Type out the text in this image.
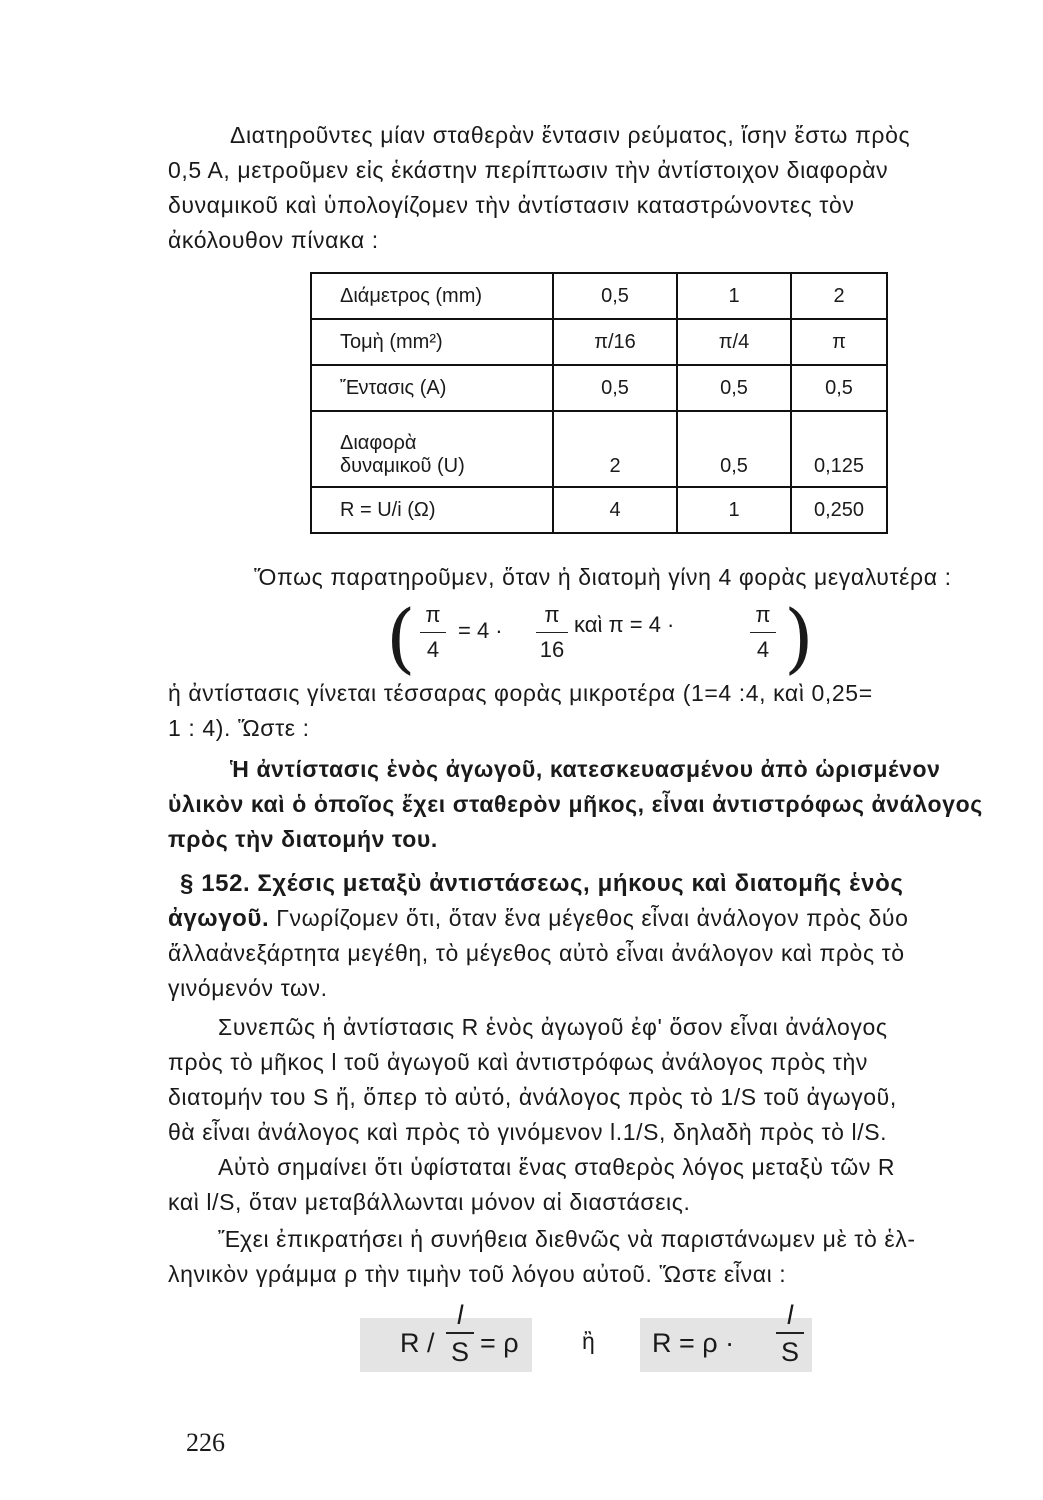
Διατηροῦντες μίαν σταθερὰν ἔντασιν ρεύματος, ἴσην ἔστω πρὸς
0,5 A, μετροῦμεν εἰς ἑκάστην περίπτωσιν τὴν ἀντίστοιχον διαφορὰν
δυναμικοῦ καὶ ὑπολογίζομεν τὴν ἀντίστασιν καταστρώνοντες τὸν
ἀκόλουθον πίνακα :

Διάμετρος (mm)	0,5	1	2
Τομὴ (mm²)	π/16	π/4	π
Ἔντασις (A)	0,5	0,5	0,5

Διαφορὰ
δυναμικοῦ (U)	2	0,5	0,125
R = U/i (Ω)	4	1	0,250

Ὅπως παρατηροῦμεν, ὅταν ἡ διατομὴ γίνη 4 φορὰς μεγαλυτέρα :

( π
4
= 4 ·
π
16
καὶ π = 4 ·	π
4 )

ἡ ἀντίστασις γίνεται τέσσαρας φορὰς μικροτέρα (1=4 :4, καὶ 0,25=
1 : 4). Ὥστε :

Ἡ ἀντίστασις ἑνὸς ἀγωγοῦ, κατεσκευασμένου ἀπὸ ὡρισμένον
ὑλικὸν καὶ ὁ ὁποῖος ἔχει σταθερὸν μῆκος, εἶναι ἀντιστρόφως ἀνάλογος
πρὸς τὴν διατομήν του.

§ 152. Σχέσις μεταξὺ ἀντιστάσεως, μήκους καὶ διατομῆς ἑνὸς
ἀγωγοῦ. Γνωρίζομεν ὅτι, ὅταν ἕνα μέγεθος εἶναι ἀνάλογον πρὸς δύο
ἄλλαἀνεξάρτητα μεγέθη, τὸ μέγεθος αὐτὸ εἶναι ἀνάλογον καὶ πρὸς τὸ
γινόμενόν των.

Συνεπῶς ἡ ἀντίστασις R ἑνὸς ἀγωγοῦ ἐφ' ὅσον εἶναι ἀνάλογος
πρὸς τὸ μῆκος l τοῦ ἀγωγοῦ καὶ ἀντιστρόφως ἀνάλογος πρὸς τὴν
διατομήν του S ἤ, ὅπερ τὸ αὐτό, ἀνάλογος πρὸς τὸ 1/S τοῦ ἀγωγοῦ,
θὰ εἶναι ἀνάλογος καὶ πρὸς τὸ γινόμενον l.1/S, δηλαδὴ πρὸς τὸ l/S.
Αὐτὸ σημαίνει ὅτι ὑφίσταται ἕνας σταθερὸς λόγος μεταξὺ τῶν R
καὶ l/S, ὅταν μεταβάλλωνται μόνον αἱ διαστάσεις.

Ἔχει ἐπικρατήσει ἡ συνήθεια διεθνῶς νὰ παριστάνωμεν μὲ τὸ ἑλ-
ληνικὸν γράμμα ρ τὴν τιμὴν τοῦ λόγου αὐτοῦ. Ὥστε εἶναι :

R /
l
S = ρ	ἢ R = ρ ·
l
S
226
